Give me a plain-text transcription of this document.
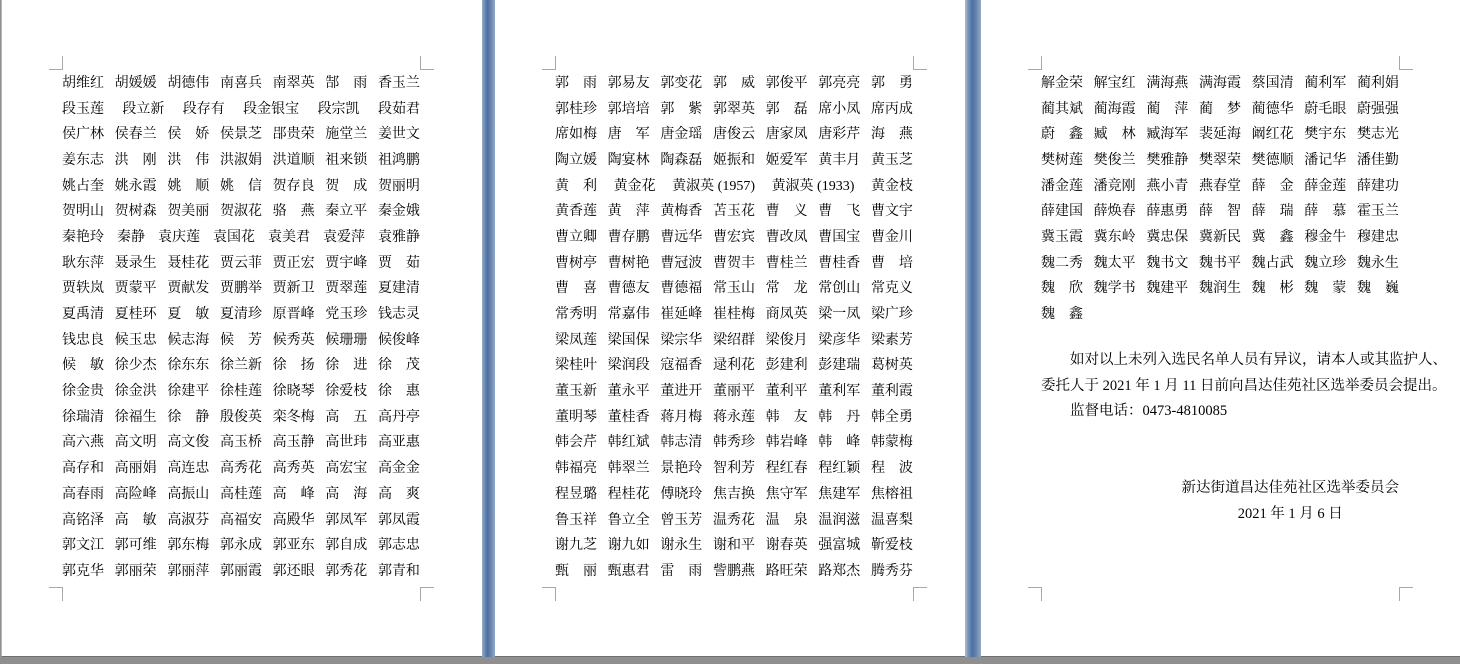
胡维红 胡媛媛 胡德伟 南喜兵 南翠英 郜　雨 香玉兰
段玉莲 段立新 段存有 段金银宝 段宗凯 段茹君
侯广林 侯春兰 侯　娇 侯景芝 郘贵荣 施堂兰 姜世文
姜东志 洪　刚 洪　伟 洪淑娟 洪道顺 祖来锁 祖鸿鹏
姚占奎 姚永霞 姚　顺 姚　信 贺存良 贺　成 贺丽明
贺明山 贺树森 贺美丽 贺淑花 骆　燕 秦立平 秦金娥
秦艳玲 秦静 袁庆莲 袁国花 袁美君 袁爱萍 袁雅静
耿东萍 聂录生 聂桂花 贾云菲 贾正宏 贾宇峰 贾　茹
贾轶岚 贾蒙平 贾献发 贾鹏举 贾新卫 贾翠莲 夏建清
夏禹清 夏桂环 夏　敏 夏清珍 原晋峰 党玉珍 钱志灵
钱忠良 候玉忠 候志海 候　芳 候秀英 候珊珊 候俊峰
候　敏 徐少杰 徐东东 徐兰新 徐　扬 徐　进 徐　茂
徐金贵 徐金洪 徐建平 徐桂莲 徐晓琴 徐爱枝 徐　惠
徐瑞清 徐福生 徐　静 殷俊英 栾冬梅 高　五 高丹亭
高六燕 高文明 高文俊 高玉桥 高玉静 高世玮 高亚惠
高存和 高丽娟 高连忠 高秀花 高秀英 高宏宝 高金金
高春雨 高险峰 高振山 高桂莲 高　峰 高　海 高　爽
高铭泽 高　敏 高淑芬 高福安 高殿华 郭凤军 郭凤霞
郭文江 郭可维 郭东梅 郭永成 郭亚东 郭自成 郭志忠
郭克华 郭丽荣 郭丽萍 郭丽霞 郭还眼 郭秀花 郭青和
郭　雨 郭易友 郭变花 郭　威 郭俊平 郭亮亮 郭　勇
郭桂珍 郭培培 郭　紫 郭翠英 郭　磊 席小凤 席丙成
席如梅 唐　军 唐金瑶 唐俊云 唐家凤 唐彩芹 海　燕
陶立媛 陶宴林 陶森磊 姬振和 姬爱军 黄丰月 黄玉芝
黄　利 黄金花 黄淑英 (1957) 黄淑英 (1933) 黄金枝
黄香莲 黄　萍 黄梅香 苫玉花 曹　义 曹　飞 曹文宇
曹立卿 曹存鹏 曹远华 曹宏宾 曹改凤 曹国宝 曹金川
曹树亭 曹树艳 曹冠波 曹贺丰 曹桂兰 曹桂香 曹　培
曹　喜 曹德友 曹德福 常玉山 常　龙 常创山 常克义
常秀明 常嘉伟 崔延峰 崔桂梅 商凤英 梁一凤 梁广珍
梁凤莲 梁国保 梁宗华 梁绍群 梁俊月 梁彦华 梁素芳
梁桂叶 梁润段 寇福香 逯利花 彭建利 彭建瑞 葛树英
董玉新 董永平 董进开 董丽平 董利平 董利军 董利霞
董明琴 董桂香 蒋月梅 蒋永莲 韩　友 韩　丹 韩全勇
韩会芹 韩红斌 韩志清 韩秀珍 韩岩峰 韩　峰 韩蒙梅
韩福亮 韩翠兰 景艳玲 智利芳 程红春 程红颖 程　波
程昱璐 程桂花 傅晓玲 焦吉换 焦守军 焦建军 焦榕祖
鲁玉祥 鲁立全 曾玉芳 温秀花 温　泉 温润滋 温喜梨
谢九芝 谢九如 谢永生 谢和平 谢春英 强富城 靳爱枝
甄　丽 甄惠君 雷　雨 訾鹏燕 路旺荣 路郑杰 腾秀芬
解金荣 解宝红 满海燕 满海霞 蔡国清 蔺利军 蔺利娟
蔺其斌 蔺海霞 蔺　萍 蔺　梦 蔺德华 蔚毛眼 蔚强强
蔚　鑫 臧　林 臧海军 裴延海 阚红花 樊宇东 樊志光
樊树莲 樊俊兰 樊雅静 樊翠荣 樊德顺 潘记华 潘佳勤
潘金莲 潘竞刚 燕小青 燕春堂 薛　金 薛金莲 薛建功
薛建国 薛焕春 薛惠勇 薛　智 薛　瑞 薛　慕 霍玉兰
冀玉霞 冀东岭 冀忠保 冀新民 冀　鑫 穆金牛 穆建忠
魏二秀 魏太平 魏书文 魏书平 魏占武 魏立珍 魏永生
魏　欣 魏学书 魏建平 魏润生 魏　彬 魏　蒙 魏　巍
魏　鑫
如对以上未列入选民名单人员有异议，请本人或其监护人、
委托人于 2021 年 1 月 11 日前向昌达佳苑社区选举委员会提出。
监督电话：0473-4810085
新达街道昌达佳苑社区选举委员会
2021 年 1 月 6 日
